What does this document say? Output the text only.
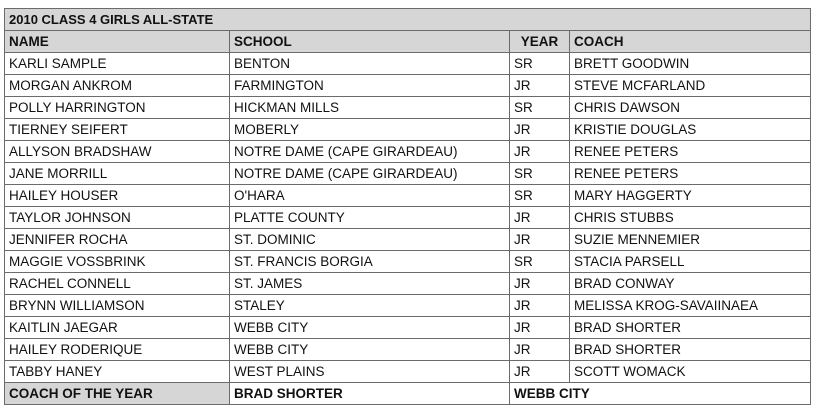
2010 CLASS 4 GIRLS ALL-STATE			
NAME	SCHOOL	YEAR	COACH
KARLI SAMPLE	BENTON	SR	BRETT GOODWIN
MORGAN ANKROM	FARMINGTON	JR	STEVE MCFARLAND
POLLY HARRINGTON	HICKMAN MILLS	SR	CHRIS DAWSON
TIERNEY SEIFERT	MOBERLY	JR	KRISTIE DOUGLAS
ALLYSON BRADSHAW	NOTRE DAME (CAPE GIRARDEAU)	JR	RENEE PETERS
JANE MORRILL	NOTRE DAME (CAPE GIRARDEAU)	SR	RENEE PETERS
HAILEY HOUSER	O'HARA	SR	MARY HAGGERTY
TAYLOR JOHNSON	PLATTE COUNTY	JR	CHRIS STUBBS
JENNIFER ROCHA	ST. DOMINIC	JR	SUZIE MENNEMIER
MAGGIE VOSSBRINK	ST. FRANCIS BORGIA	SR	STACIA PARSELL
RACHEL CONNELL	ST. JAMES	JR	BRAD CONWAY
BRYNN WILLIAMSON	STALEY	JR	MELISSA KROG-SAVAIINAEA
KAITLIN JAEGAR	WEBB CITY	JR	BRAD SHORTER
HAILEY RODERIQUE	WEBB CITY	JR	BRAD SHORTER
TABBY HANEY	WEST PLAINS	JR	SCOTT WOMACK
COACH OF THE YEAR	BRAD SHORTER	WEBB CITY	
